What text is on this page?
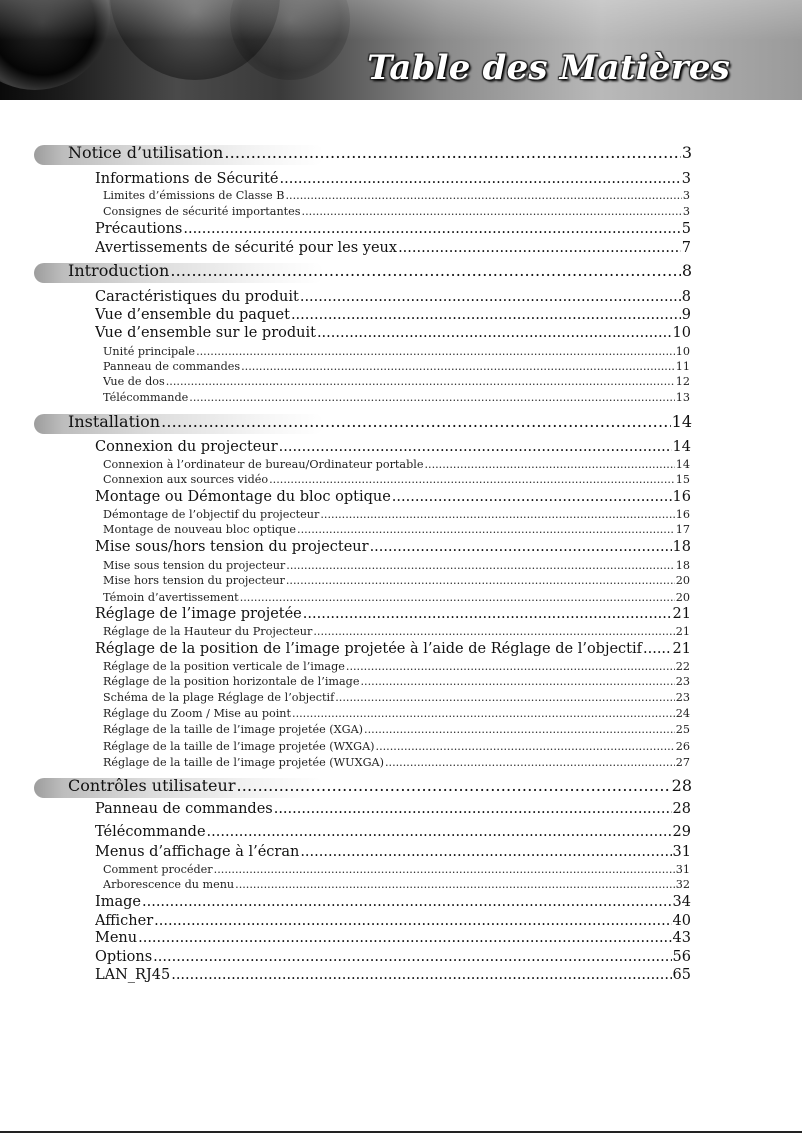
Table des Matières
Notice d’utilisation .....	3
Informations de Sécurité .....	3
Limites d’émissions de Classe B .....	3
Consignes de sécurité importantes .....	3
Précautions .....	5
Avertissements de sécurité pour les yeux .....	7
Introduction .....	8
Caractéristiques du produit .....	8
Vue d’ensemble du paquet .....	9
Vue d’ensemble sur le produit .....	10
Unité principale .....	10
Panneau de commandes .....	11
Vue de dos .....	12
Télécommande .....	13
Installation .....	14
Connexion du projecteur .....	14
Connexion à l’ordinateur de bureau/Ordinateur portable .....	14
Connexion aux sources vidéo .....	15
Montage ou Démontage du bloc optique .....	16
Démontage de l’objectif du projecteur .....	16
Montage de nouveau bloc optique .....	17
Mise sous/hors tension du projecteur .....	18
Mise sous tension du projecteur .....	18
Mise hors tension du projecteur .....	20
Témoin d’avertissement .....	20
Réglage de l’image projetée .....	21
Réglage de la Hauteur du Projecteur .....	21
Réglage de la position de l’image projetée à l’aide de Réglage de l’objectif ..... 21
Réglage de la position verticale de l’image .....	22
Réglage de la position horizontale de l’image .....	23
Schéma de la plage Réglage de l’objectif .....	23
Réglage du Zoom / Mise au point .....	24
Réglage de la taille de l’image projetée (XGA) .....	25
Réglage de la taille de l’image projetée (WXGA) .....	26
Réglage de la taille de l’image projetée (WUXGA) .....	27
Contrôles utilisateur .....	28
Panneau de commandes .....	28
Télécommande .....	29
Menus d’affichage à l’écran .....	31
Comment procéder .....	31
Arborescence du menu .....	32
Image .....	34
Afficher .....	40
Menu .....	43
Options .....	56
LAN_RJ45 .....	65
